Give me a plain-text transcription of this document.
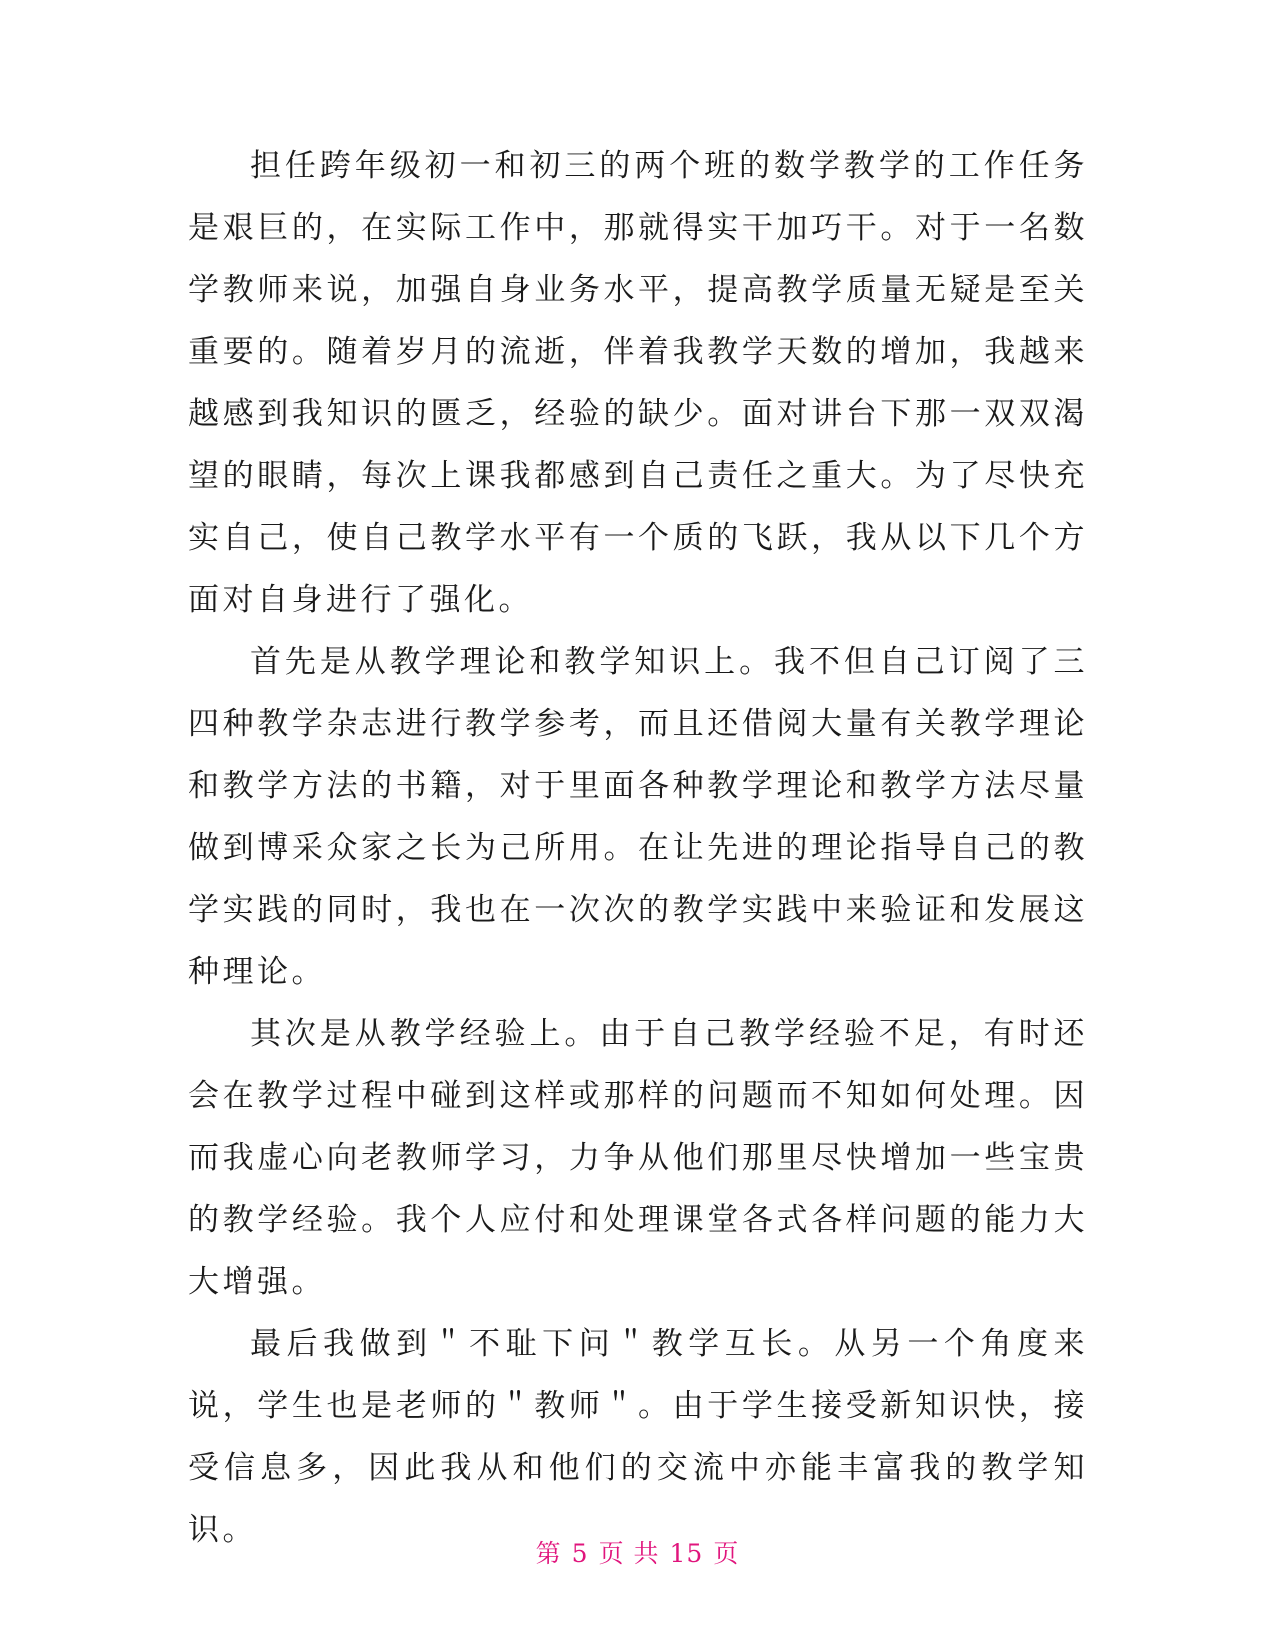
担任跨年级初一和初三的两个班的数学教学的工作任务是艰巨的，在实际工作中，那就得实干加巧干。对于一名数学教师来说，加强自身业务水平，提高教学质量无疑是至关重要的。随着岁月的流逝，伴着我教学天数的增加，我越来越感到我知识的匮乏，经验的缺少。面对讲台下那一双双渴望的眼睛，每次上课我都感到自己责任之重大。为了尽快充实自己，使自己教学水平有一个质的飞跃，我从以下几个方面对自身进行了强化。

首先是从教学理论和教学知识上。我不但自己订阅了三四种教学杂志进行教学参考，而且还借阅大量有关教学理论和教学方法的书籍，对于里面各种教学理论和教学方法尽量做到博采众家之长为己所用。在让先进的理论指导自己的教学实践的同时，我也在一次次的教学实践中来验证和发展这种理论。

其次是从教学经验上。由于自己教学经验不足，有时还会在教学过程中碰到这样或那样的问题而不知如何处理。因而我虚心向老教师学习，力争从他们那里尽快增加一些宝贵的教学经验。我个人应付和处理课堂各式各样问题的能力大大增强。

最后我做到＂不耻下问＂教学互长。从另一个角度来说，学生也是老师的＂教师＂。由于学生接受新知识快，接受信息多，因此我从和他们的交流中亦能丰富我的教学知识。

第 5 页 共 15 页
